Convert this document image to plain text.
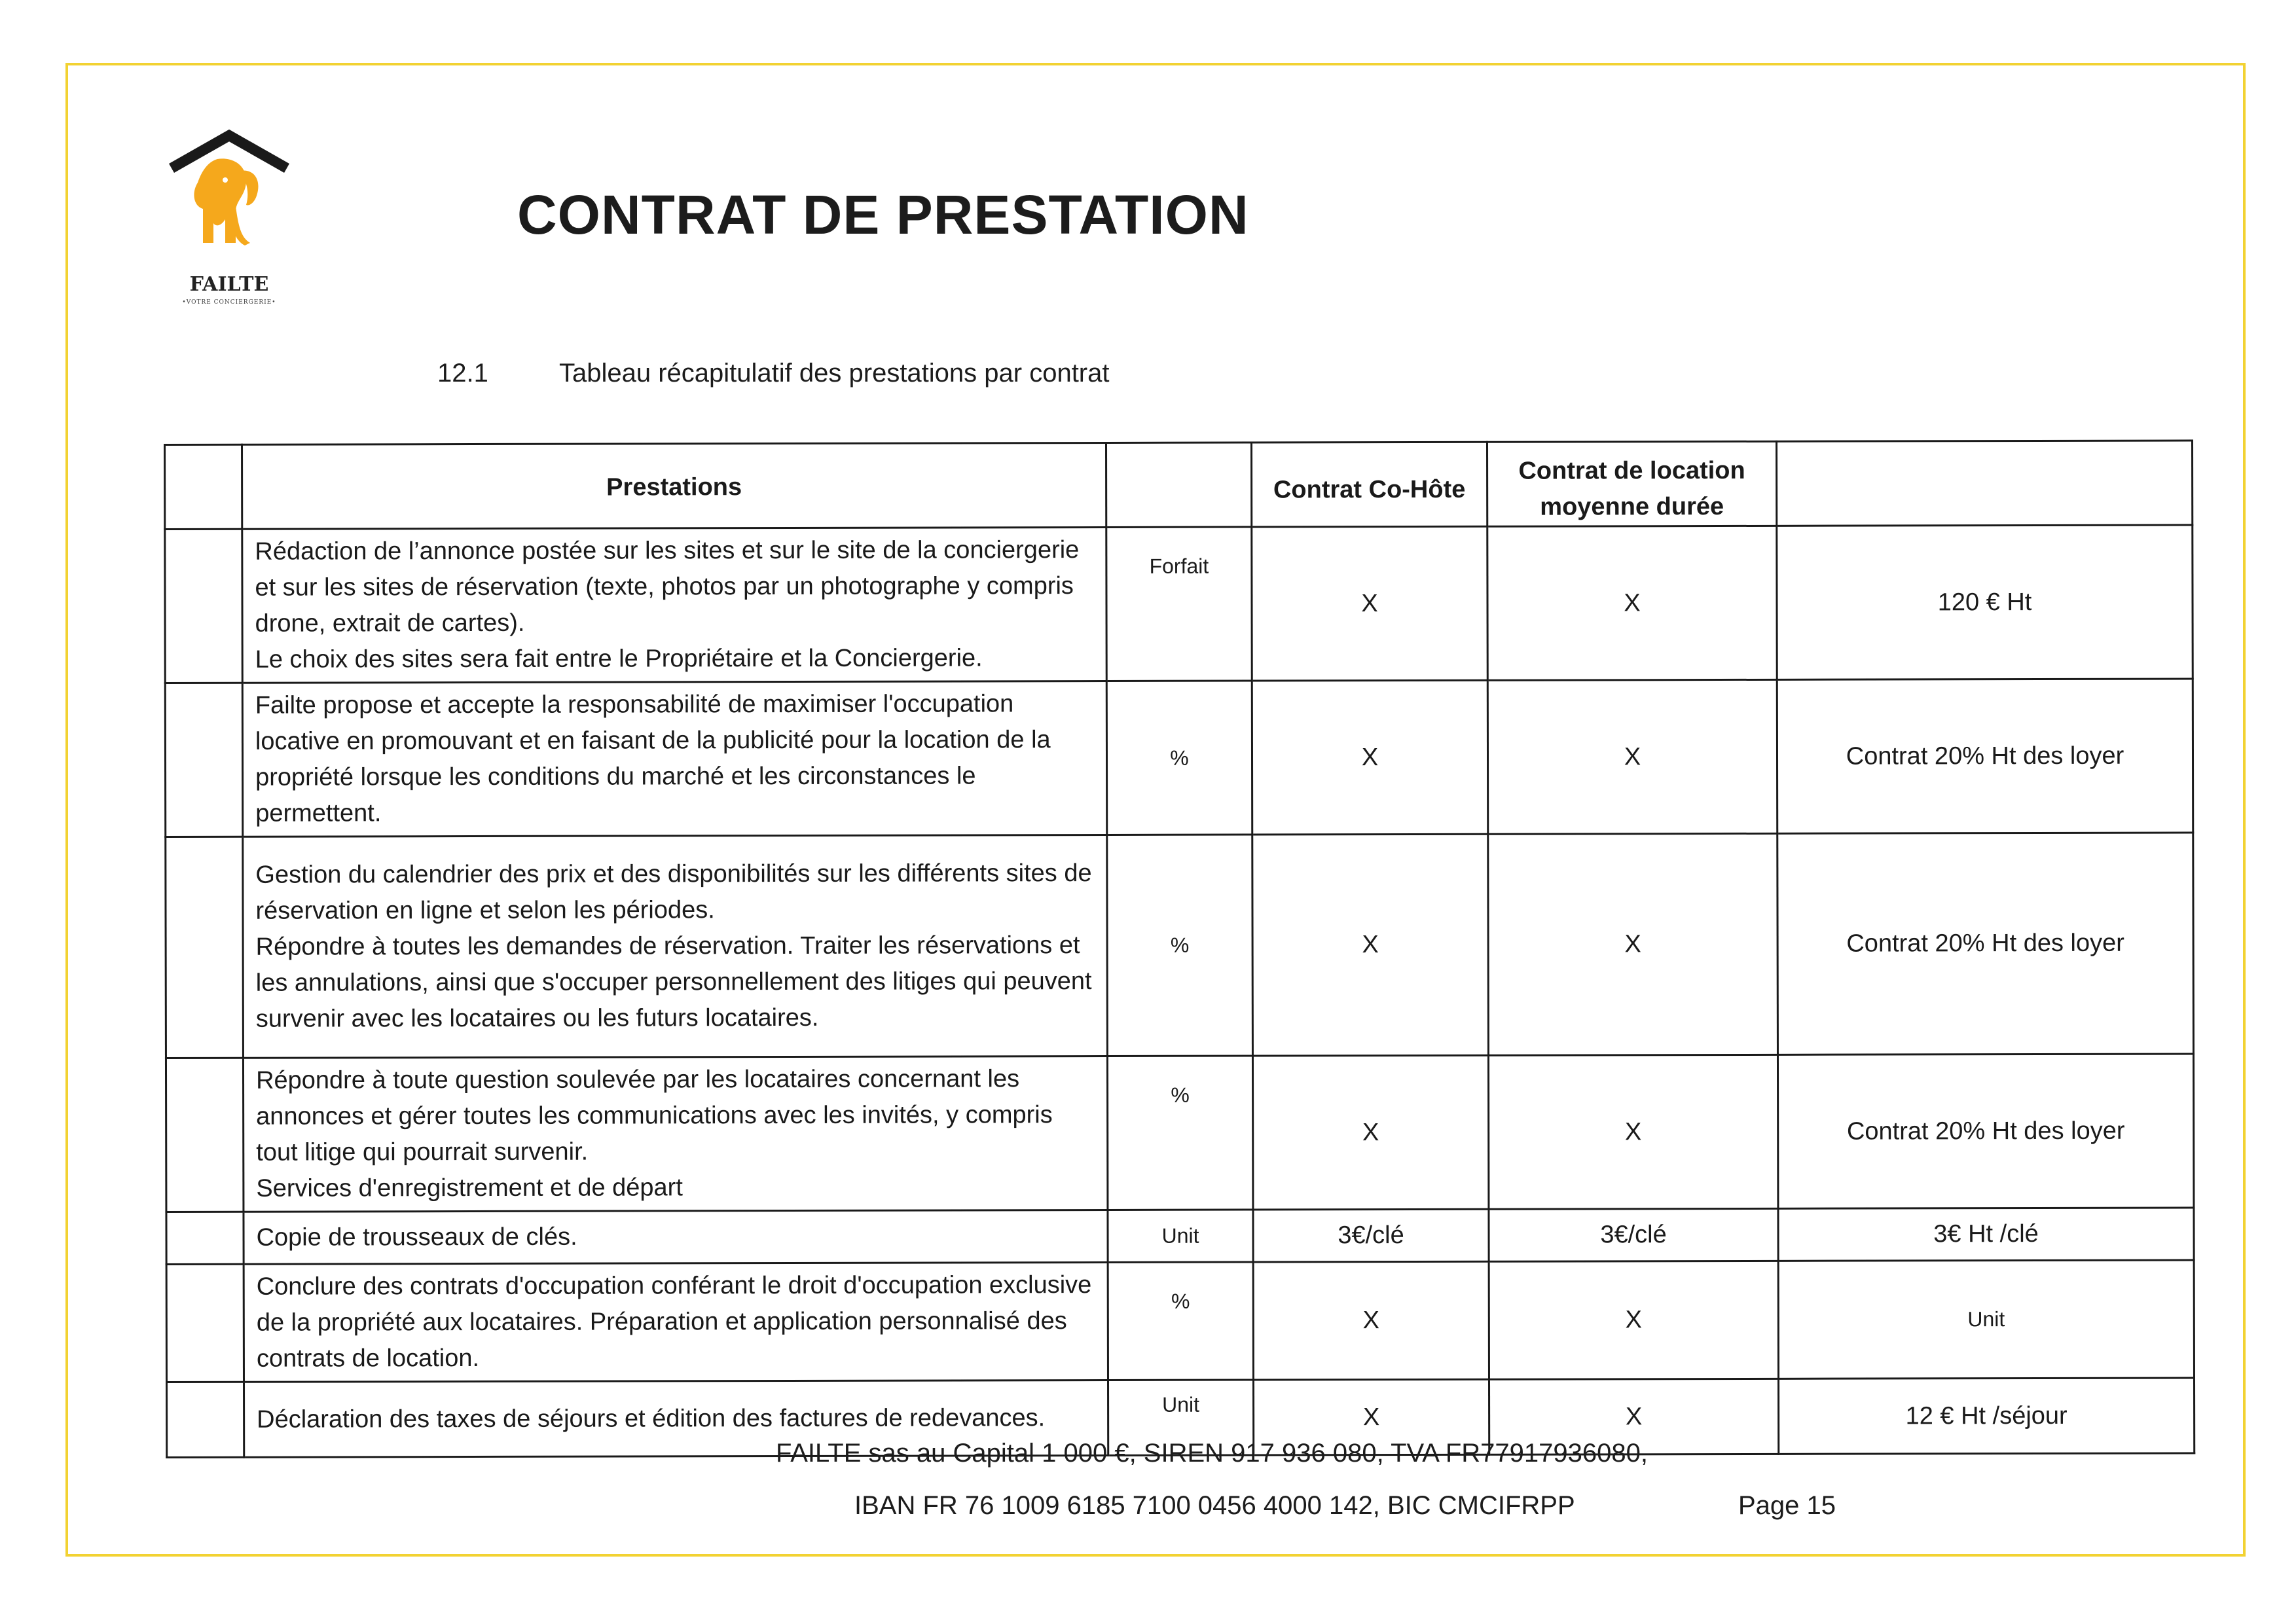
FAILTE
•VOTRE CONCIERGERIE•
CONTRAT DE PRESTATION
12.1	Tableau récapitulatif des prestations par contrat
	Prestations		Contrat Co-Hôte	Contrat de location moyenne durée	
	Rédaction de l’annonce postée sur les sites et sur le site de la conciergerie et sur les sites de réservation (texte, photos par un photographe y compris drone, extrait de cartes).
Le choix des sites sera fait entre le Propriétaire et la Conciergerie.	Forfait	X	X	120 € Ht
	Failte propose et accepte la responsabilité de maximiser l'occupation locative en promouvant et en faisant de la publicité pour la location de la propriété lorsque les conditions du marché et les circonstances le permettent.	%	X	X	Contrat 20% Ht des loyer
	Gestion du calendrier des prix et des disponibilités sur les différents sites de réservation en ligne et selon les périodes.
Répondre à toutes les demandes de réservation. Traiter les réservations et les annulations, ainsi que s'occuper personnellement des litiges qui peuvent survenir avec les locataires ou les futurs locataires.	%	X	X	Contrat 20% Ht des loyer
	Répondre à toute question soulevée par les locataires concernant les annonces et gérer toutes les communications avec les invités, y compris tout litige qui pourrait survenir.
Services d'enregistrement et de départ	%	X	X	Contrat 20% Ht des loyer
	Copie de trousseaux de clés.	Unit	3€/clé	3€/clé	3€ Ht /clé
	Conclure des contrats d'occupation conférant le droit d'occupation exclusive de la propriété aux locataires. Préparation et application personnalisé des contrats de location.	%	X	X	Unit
	Déclaration des taxes de séjours et édition des factures de redevances.	Unit	X	X	12 € Ht /séjour
FAILTE sas au Capital 1 000 €, SIREN 917 936 080, TVA FR77917936080,
IBAN FR 76 1009 6185 7100 0456 4000 142, BIC CMCIFRPP	Page 15
